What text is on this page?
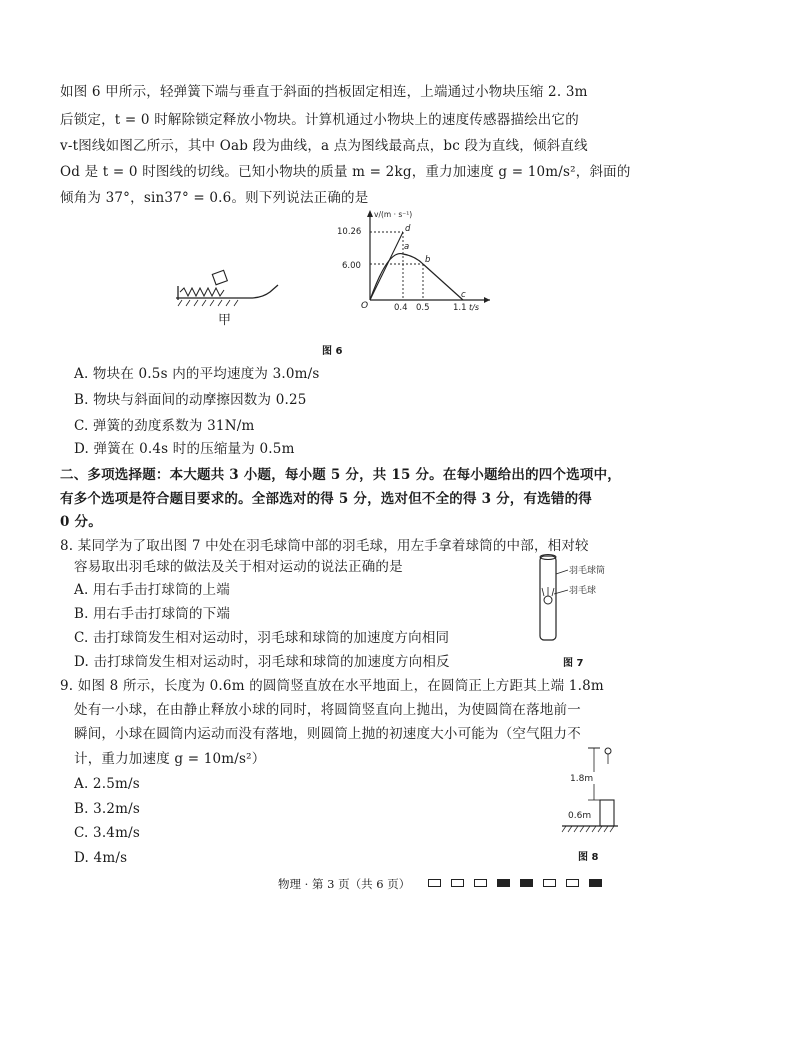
如图 6 甲所示，轻弹簧下端与垂直于斜面的挡板固定相连，上端通过小物块压缩 2. 3m
后锁定，t = 0 时解除锁定释放小物块。计算机通过小物块上的速度传感器描绘出它的
v-t图线如图乙所示，其中 Oab 段为曲线，a 点为图线最高点，bc 段为直线，倾斜直线
Od 是 t = 0 时图线的切线。已知小物块的质量 m = 2kg，重力加速度 g = 10m/s²，斜面的
倾角为 37°，sin37° = 0.6。则下列说法正确的是
甲
v/(m · s⁻¹)
t/s
O
10.26
6.00
0.4 0.5	1.1
d
a
b
c
图 6
A. 物块在 0.5s 内的平均速度为 3.0m/s
B. 物块与斜面间的动摩擦因数为 0.25
C. 弹簧的劲度系数为 31N/m
D. 弹簧在 0.4s 时的压缩量为 0.5m
二、多项选择题：本大题共 3 小题，每小题 5 分，共 15 分。在每小题给出的四个选项中，
有多个选项是符合题目要求的。全部选对的得 5 分，选对但不全的得 3 分，有选错的得
0 分。
8. 某同学为了取出图 7 中处在羽毛球筒中部的羽毛球，用左手拿着球筒的中部，相对较
容易取出羽毛球的做法及关于相对运动的说法正确的是
A. 用右手击打球筒的上端
B. 用右手击打球筒的下端
C. 击打球筒发生相对运动时，羽毛球和球筒的加速度方向相同
D. 击打球筒发生相对运动时，羽毛球和球筒的加速度方向相反
羽毛球筒
羽毛球
图 7
9. 如图 8 所示，长度为 0.6m 的圆筒竖直放在水平地面上，在圆筒正上方距其上端 1.8m
处有一小球，在由静止释放小球的同时，将圆筒竖直向上抛出，为使圆筒在落地前一
瞬间，小球在圆筒内运动而没有落地，则圆筒上抛的初速度大小可能为（空气阻力不
计，重力加速度 g = 10m/s²）
A. 2.5m/s
B. 3.2m/s
C. 3.4m/s
D. 4m/s
1.8m
0.6m
图 8
物理 · 第 3 页（共 6 页）
